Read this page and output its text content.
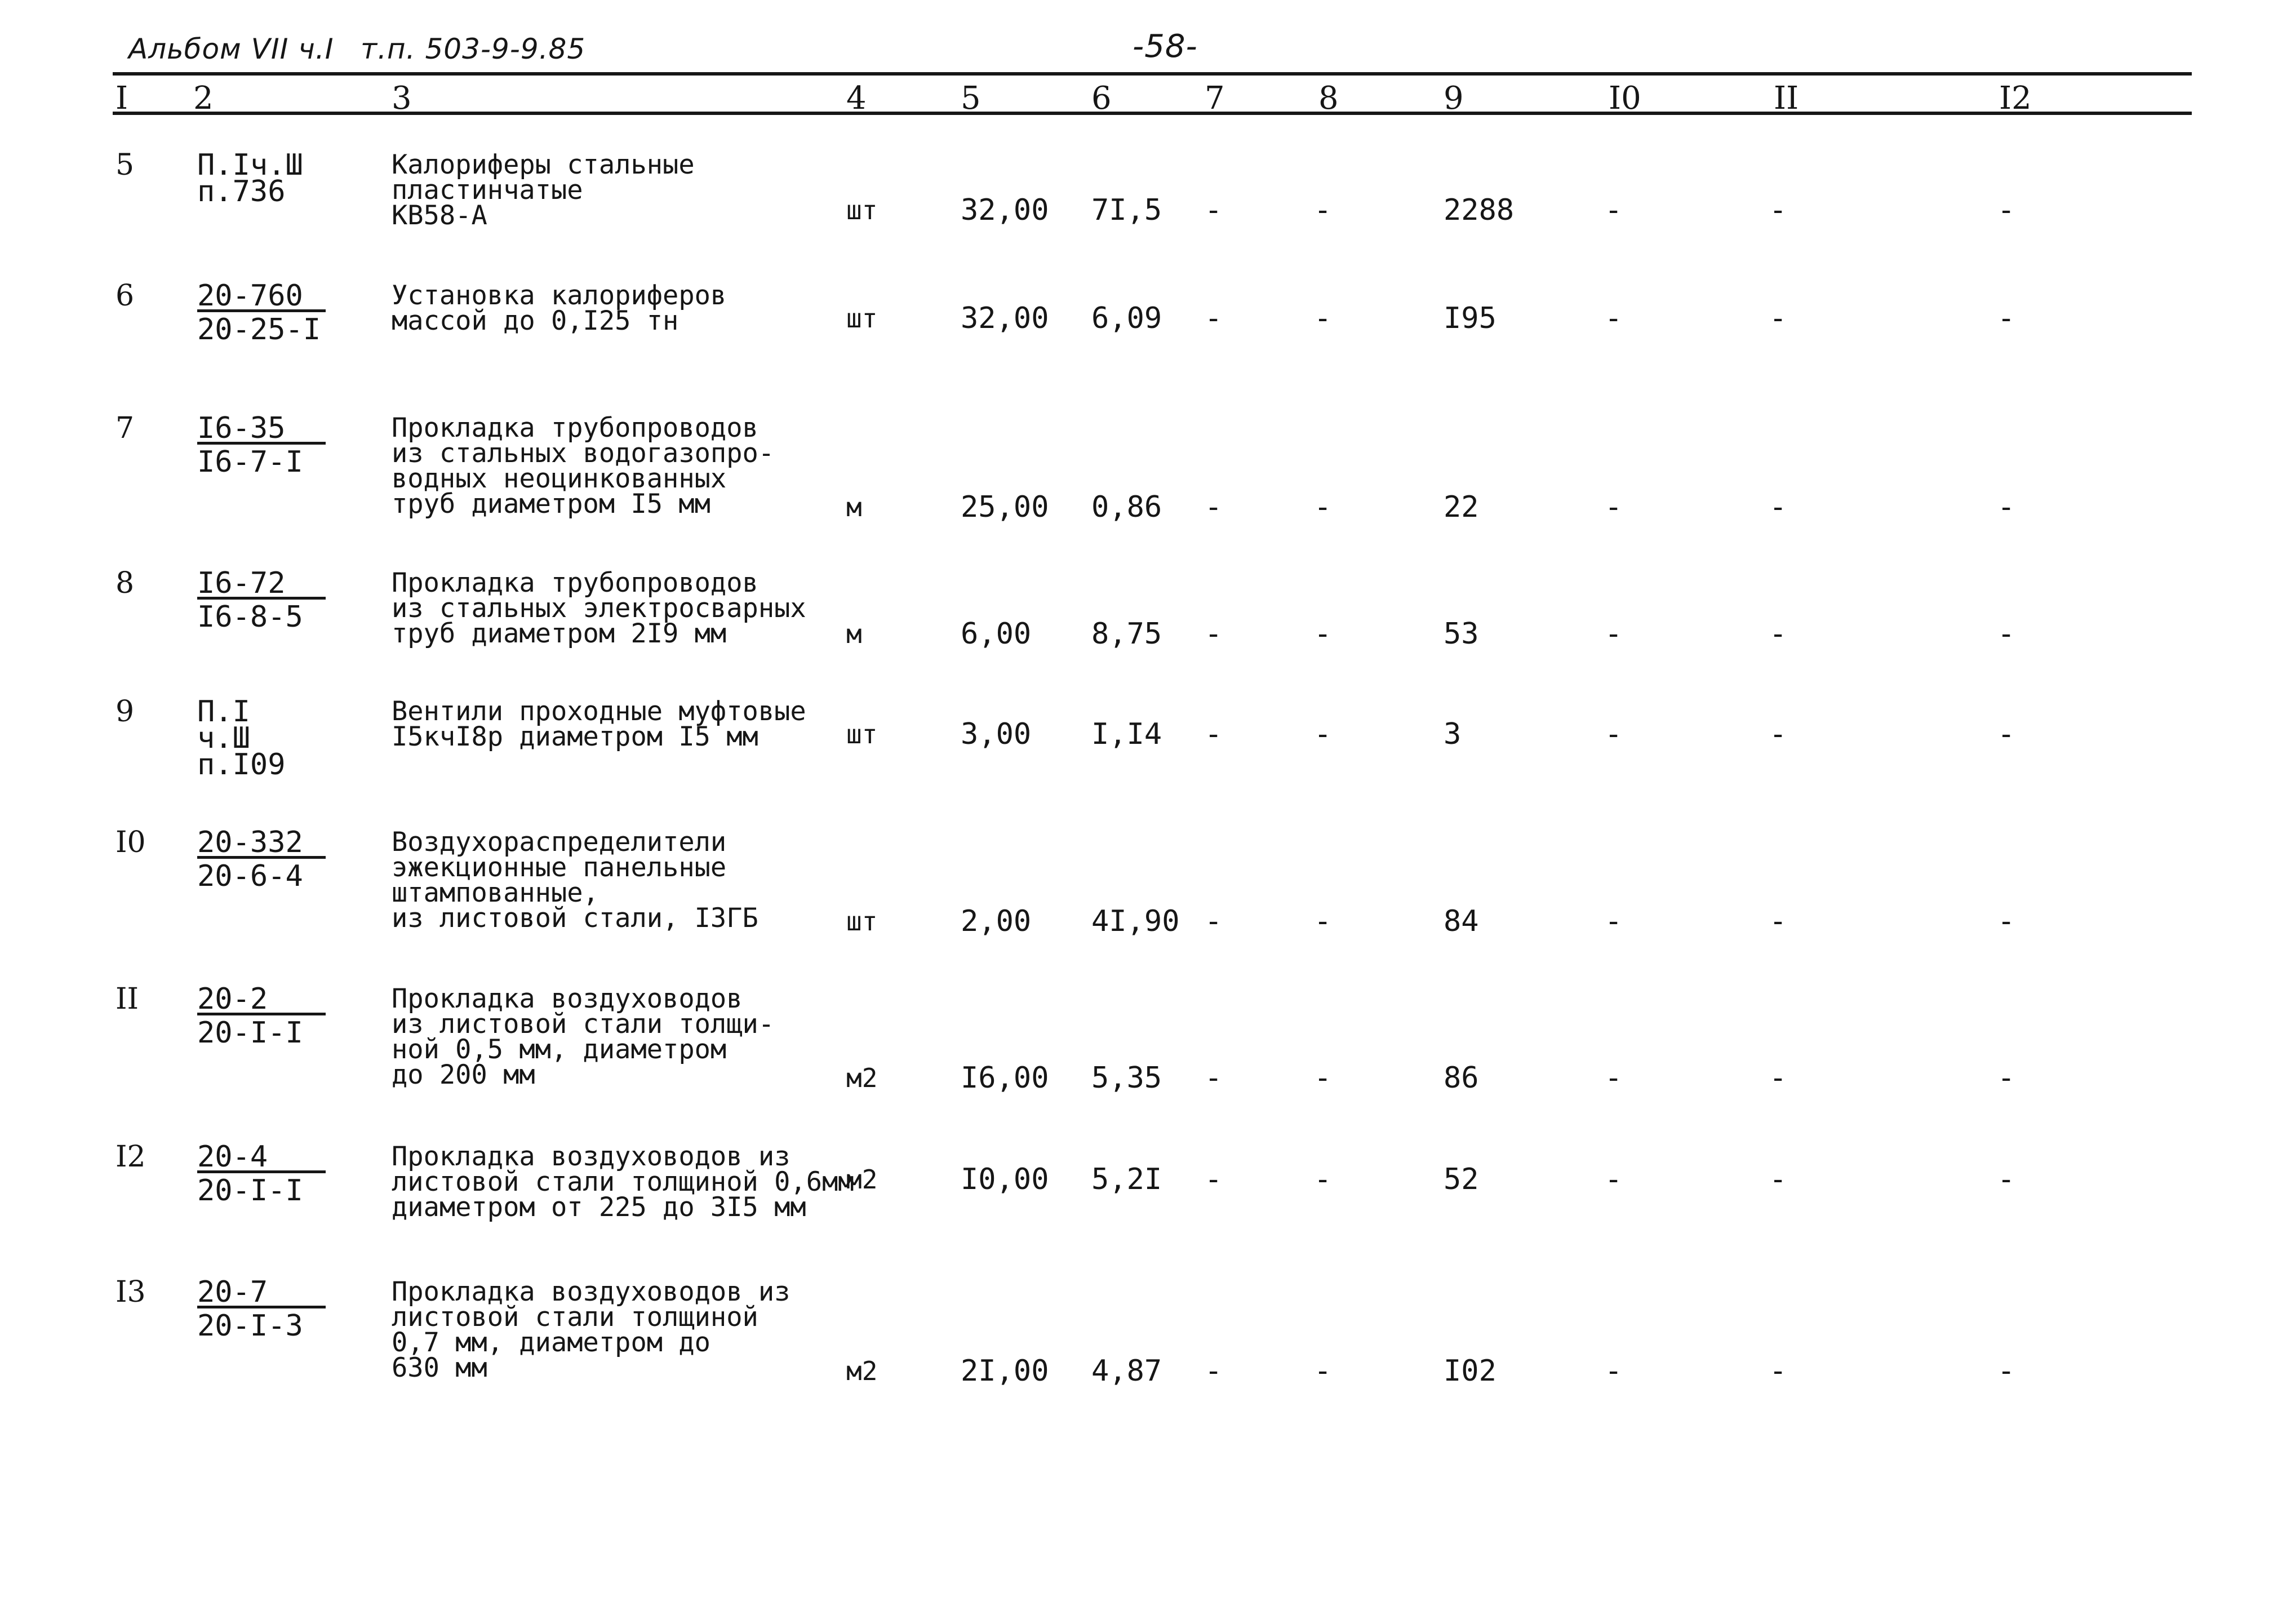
Альбом VII ч.I т.п. 503-9-9.85	-58-
I 2	3	4	5	6	7	8	9	I0	II	I2
5 П.Iч.Ш
п.736
Калориферы стальные
пластинчатые
КВ58-А	шт	32,00 7I,5 -	-	2288	-	-	-
$6 \frac{20-760}{20-25-I}$ Установка калориферов
массой до 0,I25 тн	шт	32,00 6,09 -	-	I95	-	-	-
$7 \frac{I6-35}{I6-7-I}$ Прокладка трубопроводов
из стальных водогазопро-
водных неоцинкованных
труб диаметром I5 мм	м	25,00 0,86 -	-	22	-	-	-
$8 \frac{I6-72}{I6-8-5}$ Прокладка трубопроводов
из стальных электросварных
труб диаметром 2I9 мм	м	6,00 8,75 -	-	53	-	-	-
9 П.I
ч.Ш
п.I09
Вентили проходные муфтовые
I5кчI8р диаметром I5 мм	шт	3,00 I,I4 -	-	3	-	-	-
$I0 \frac{20-332}{20-6-4}$ Воздухораспределители
эжекционные панельные
штампованные,
из листовой стали, I3ГБ	шт	2,00 4I,90 -	-	84	-	-	-
II $\frac{20-2}{20-I-I}$ Прокладка воздуховодов
из листовой стали толщи-
ной 0,5 мм, диаметром
до 200 мм	м2	I6,00 5,35 -	-	86	-	-	-
$I2 \frac{20-4}{20-I-I}$ Прокладка воздуховодов из
листовой стали толщиной 0,6мм
диаметром от 225 до 3I5 мм
м2	I0,00 5,2I -	-	52	-	-	-
$I3 \frac{20-7}{20-I-3}$ Прокладка воздуховодов из
листовой стали толщиной
0,7 мм, диаметром до
630 мм	м2	2I,00 4,87 -	-	I02	-	-	-
